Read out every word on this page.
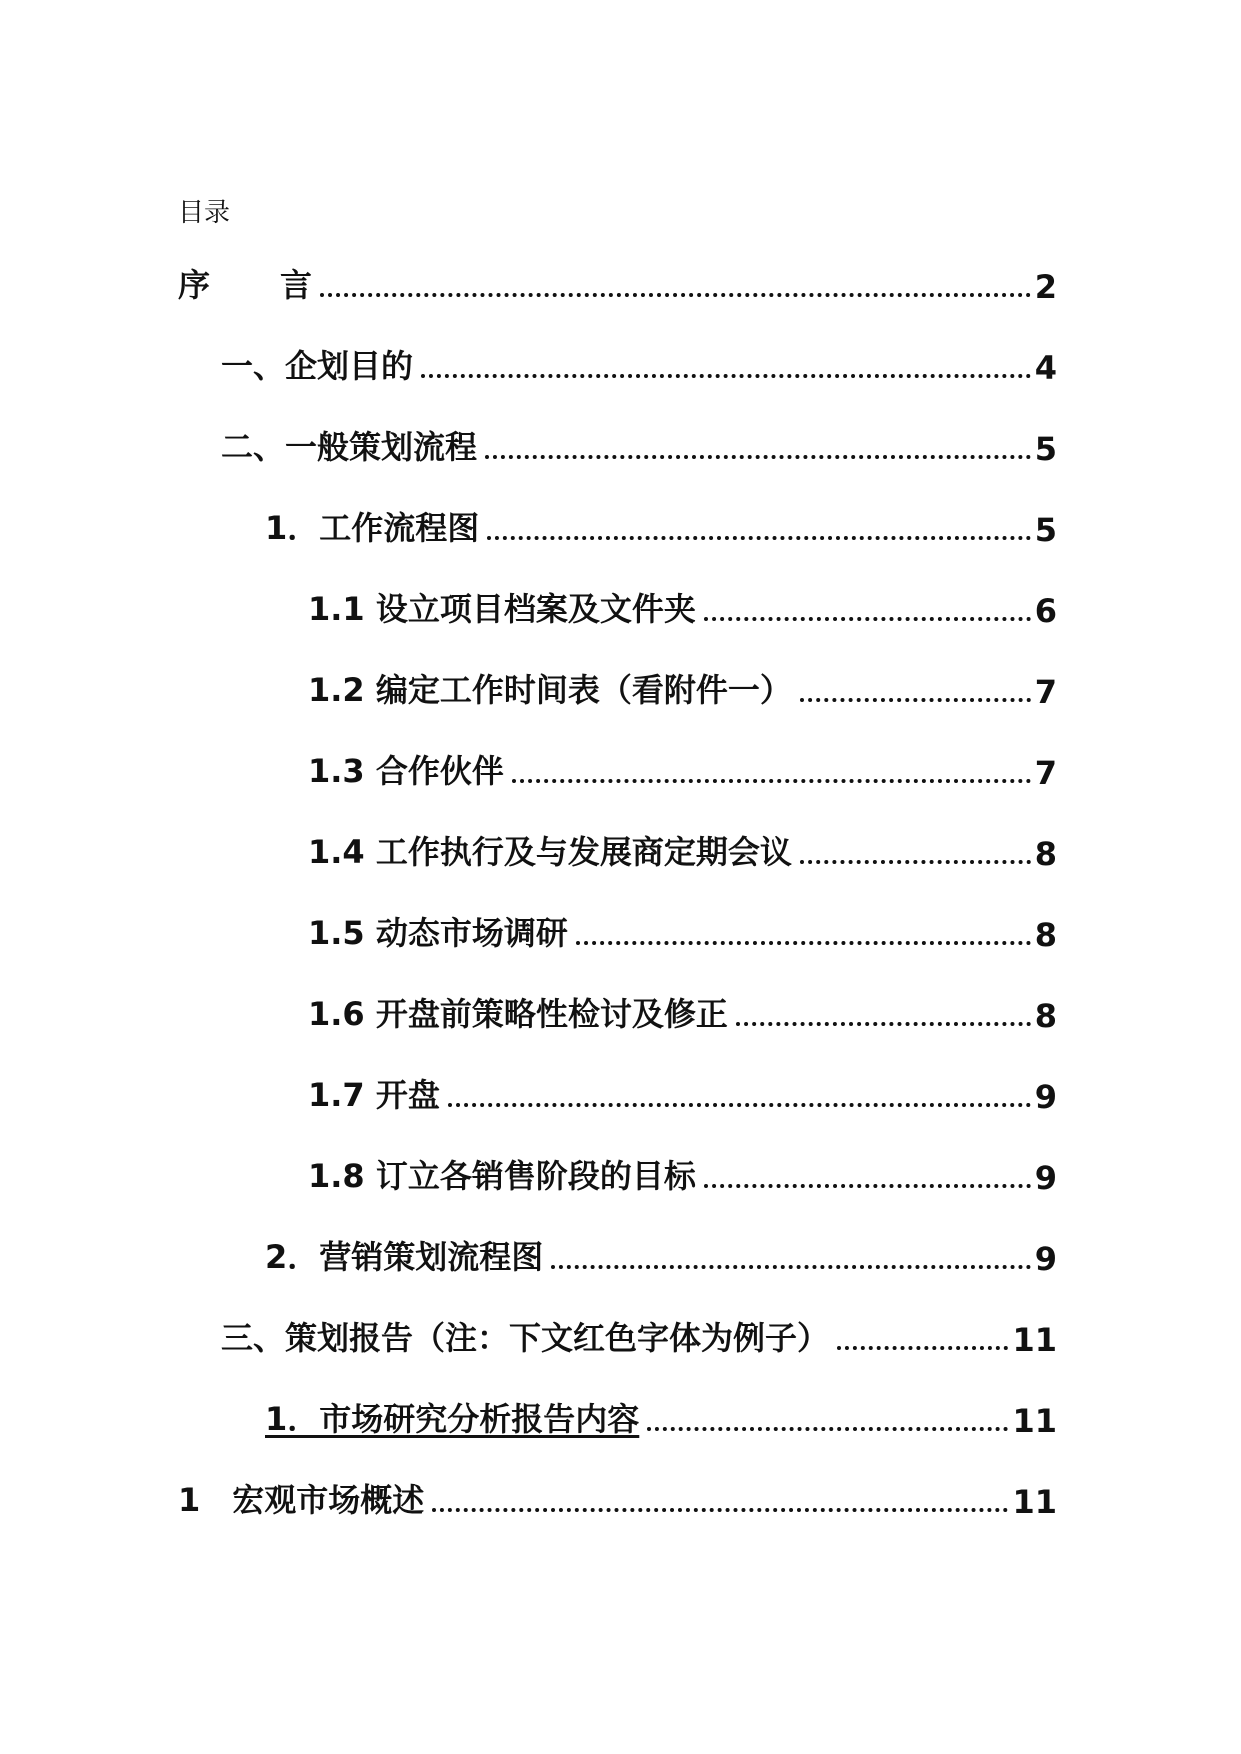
目录
序 言	2
一、企划目的	4
二、一般策划流程	5
1．工作流程图	5
1.1 设立项目档案及文件夹	6
1.2 编定工作时间表（看附件一）	7
1.3 合作伙伴	7
1.4 工作执行及与发展商定期会议	8
1.5 动态市场调研	8
1.6 开盘前策略性检讨及修正	8
1.7 开盘	9
1.8 订立各销售阶段的目标	9
2．营销策划流程图	9
三、策划报告（注：下文红色字体为例子）	11
1．市场研究分析报告内容	11
1　宏观市场概述	11
